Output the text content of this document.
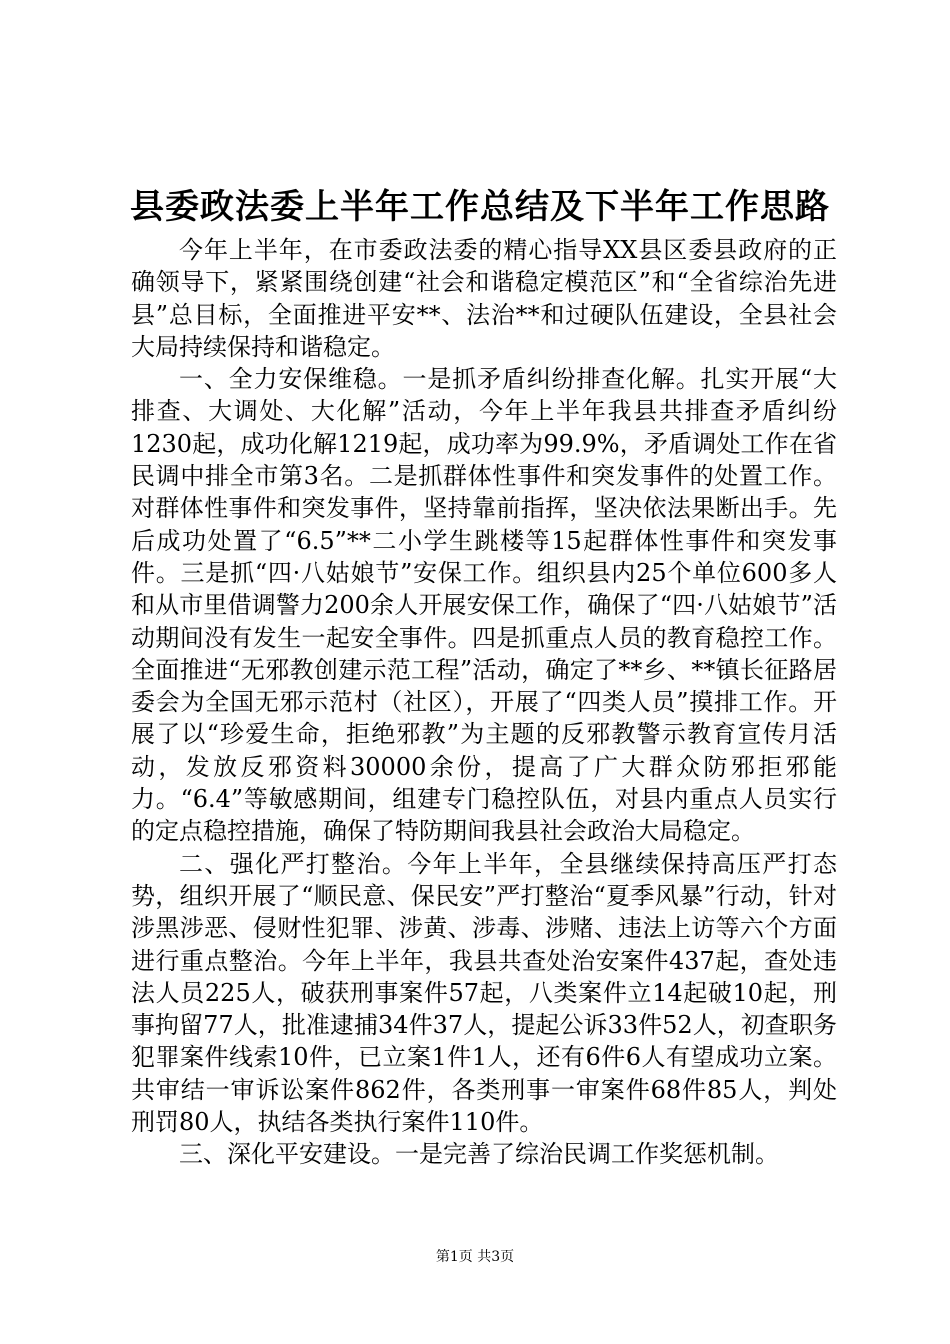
县委政法委上半年工作总结及下半年工作思路

今年上半年，在市委政法委的精心指导XX县区委县政府的正确领导下，紧紧围绕创建“社会和谐稳定模范区”和“全省综治先进县”总目标，全面推进平安**、法治**和过硬队伍建设，全县社会大局持续保持和谐稳定。

一、全力安保维稳。一是抓矛盾纠纷排查化解。扎实开展“大排查、大调处、大化解”活动，今年上半年我县共排查矛盾纠纷1230起，成功化解1219起，成功率为99.9%，矛盾调处工作在省民调中排全市第3名。二是抓群体性事件和突发事件的处置工作。对群体性事件和突发事件，坚持靠前指挥，坚决依法果断出手。先后成功处置了“6.5”**二小学生跳楼等15起群体性事件和突发事件。三是抓“四·八姑娘节”安保工作。组织县内25个单位600多人和从市里借调警力200余人开展安保工作，确保了“四·八姑娘节”活动期间没有发生一起安全事件。四是抓重点人员的教育稳控工作。全面推进“无邪教创建示范工程”活动，确定了**乡、**镇长征路居委会为全国无邪示范村（社区），开展了“四类人员”摸排工作。开展了以“珍爱生命，拒绝邪教”为主题的反邪教警示教育宣传月活动，发放反邪资料30000余份，提高了广大群众防邪拒邪能力。“6.4”等敏感期间，组建专门稳控队伍，对县内重点人员实行的定点稳控措施，确保了特防期间我县社会政治大局稳定。

二、强化严打整治。今年上半年，全县继续保持高压严打态势，组织开展了“顺民意、保民安”严打整治“夏季风暴”行动，针对涉黑涉恶、侵财性犯罪、涉黄、涉毒、涉赌、违法上访等六个方面进行重点整治。今年上半年，我县共查处治安案件437起，查处违法人员225人，破获刑事案件57起，八类案件立14起破10起，刑事拘留77人，批准逮捕34件37人，提起公诉33件52人，初查职务犯罪案件线索10件，已立案1件1人，还有6件6人有望成功立案。共审结一审诉讼案件862件，各类刑事一审案件68件85人，判处刑罚80人，执结各类执行案件110件。

三、深化平安建设。一是完善了综治民调工作奖惩机制。

第1页 共3页
